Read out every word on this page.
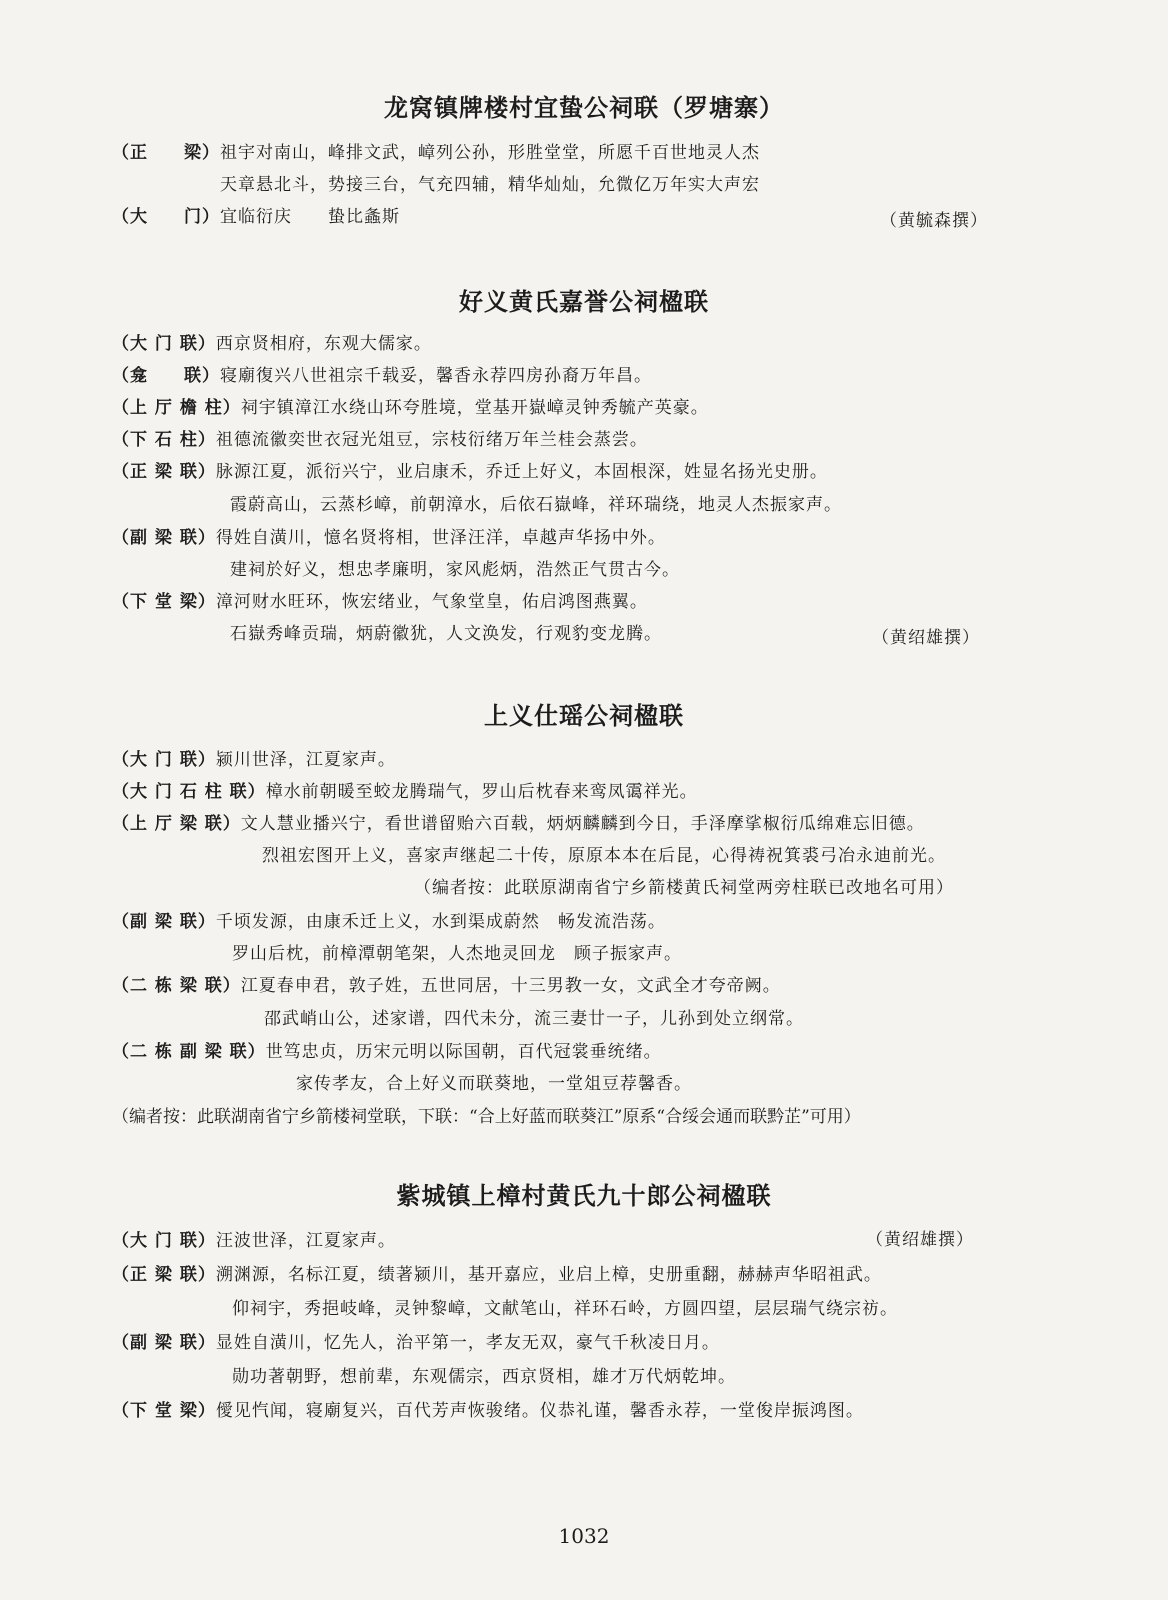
龙窝镇牌楼村宜蛰公祠联（罗塘寨）
（正　　梁）祖宇对南山，峰排文武，嶂列公孙，形胜堂堂，所愿千百世地灵人杰
天章悬北斗，势接三台，气充四辅，精华灿灿，允微亿万年实大声宏
（大　　门）宜临衍庆　　蛰比螽斯	（黄毓森撰）
好义黄氏嘉誉公祠楹联
（大 门 联）西京贤相府，东观大儒家。
（龛　　联）寝廟復兴八世祖宗千载妥，馨香永荐四房孙裔万年昌。
（上 厅 檐 柱）祠宇镇漳江水绕山环夸胜境，堂基开嶽嶂灵钟秀毓产英豪。
（下 石 柱）祖德流徽奕世衣冠光俎豆，宗枝衍绪万年兰桂会蒸尝。
（正 梁 联）脉源江夏，派衍兴宁，业启康禾，乔迁上好义，本固根深，姓显名扬光史册。
霞蔚高山，云蒸杉嶂，前朝漳水，后依石嶽峰，祥环瑞绕，地灵人杰振家声。
（副 梁 联）得姓自潢川，憶名贤将相，世泽汪洋，卓越声华扬中外。
建祠於好义，想忠孝廉明，家风彪炳，浩然正气贯古今。
（下 堂 梁）漳河财水旺环，恢宏绪业，气象堂皇，佑启鸿图燕翼。
石嶽秀峰贡瑞，炳蔚徽犹，人文涣发，行观豹变龙腾。	（黄绍雄撰）
上义仕瑶公祠楹联
（大 门 联）颍川世泽，江夏家声。
（大 门 石 柱 联）樟水前朝暖至蛟龙腾瑞气，罗山后枕春来鸾凤霭祥光。
（上 厅 梁 联）文人慧业播兴宁，看世谱留贻六百载，炳炳麟麟到今日，手泽摩挲椒衍瓜绵难忘旧德。
烈祖宏图开上义，喜家声继起二十传，原原本本在后昆，心得祷祝箕裘弓冶永迪前光。
（编者按：此联原湖南省宁乡箭楼黄氏祠堂两旁柱联已改地名可用）
（副 梁 联）千顷发源，由康禾迁上义，水到渠成蔚然　畅发流浩荡。
罗山后枕，前樟潭朝笔架，人杰地灵回龙　顾子振家声。
（二 栋 梁 联）江夏春申君，敦子姓，五世同居，十三男教一女，文武全才夸帝阙。
邵武峭山公，述家谱，四代未分，流三妻廿一子，儿孙到处立纲常。
（二 栋 副 梁 联）世笃忠贞，历宋元明以际国朝，百代冠裳垂统绪。
家传孝友，合上好义而联葵地，一堂俎豆荐馨香。
（编者按：此联湖南省宁乡箭楼祠堂联，下联：“合上好蓝而联葵江”原系“合绥会通而联黔芷”可用）
紫城镇上樟村黄氏九十郎公祠楹联
（大 门 联）汪波世泽，江夏家声。	（黄绍雄撰）
（正 梁 联）溯渊源，名标江夏，绩著颍川，基开嘉应，业启上樟，史册重翻，赫赫声华昭祖武。
仰祠宇，秀挹岐峰，灵钟黎嶂，文献笔山，祥环石岭，方圆四望，层层瑞气绕宗祊。
（副 梁 联）显姓自潢川，忆先人，治平第一，孝友无双，豪气千秋凌日月。
勋功著朝野，想前辈，东观儒宗，西京贤相，雄才万代炳乾坤。
（下 堂 梁）僾见忾闻，寝廟复兴，百代芳声恢骏绪。仪恭礼谨，馨香永荐，一堂俊岸振鸿图。
1032
